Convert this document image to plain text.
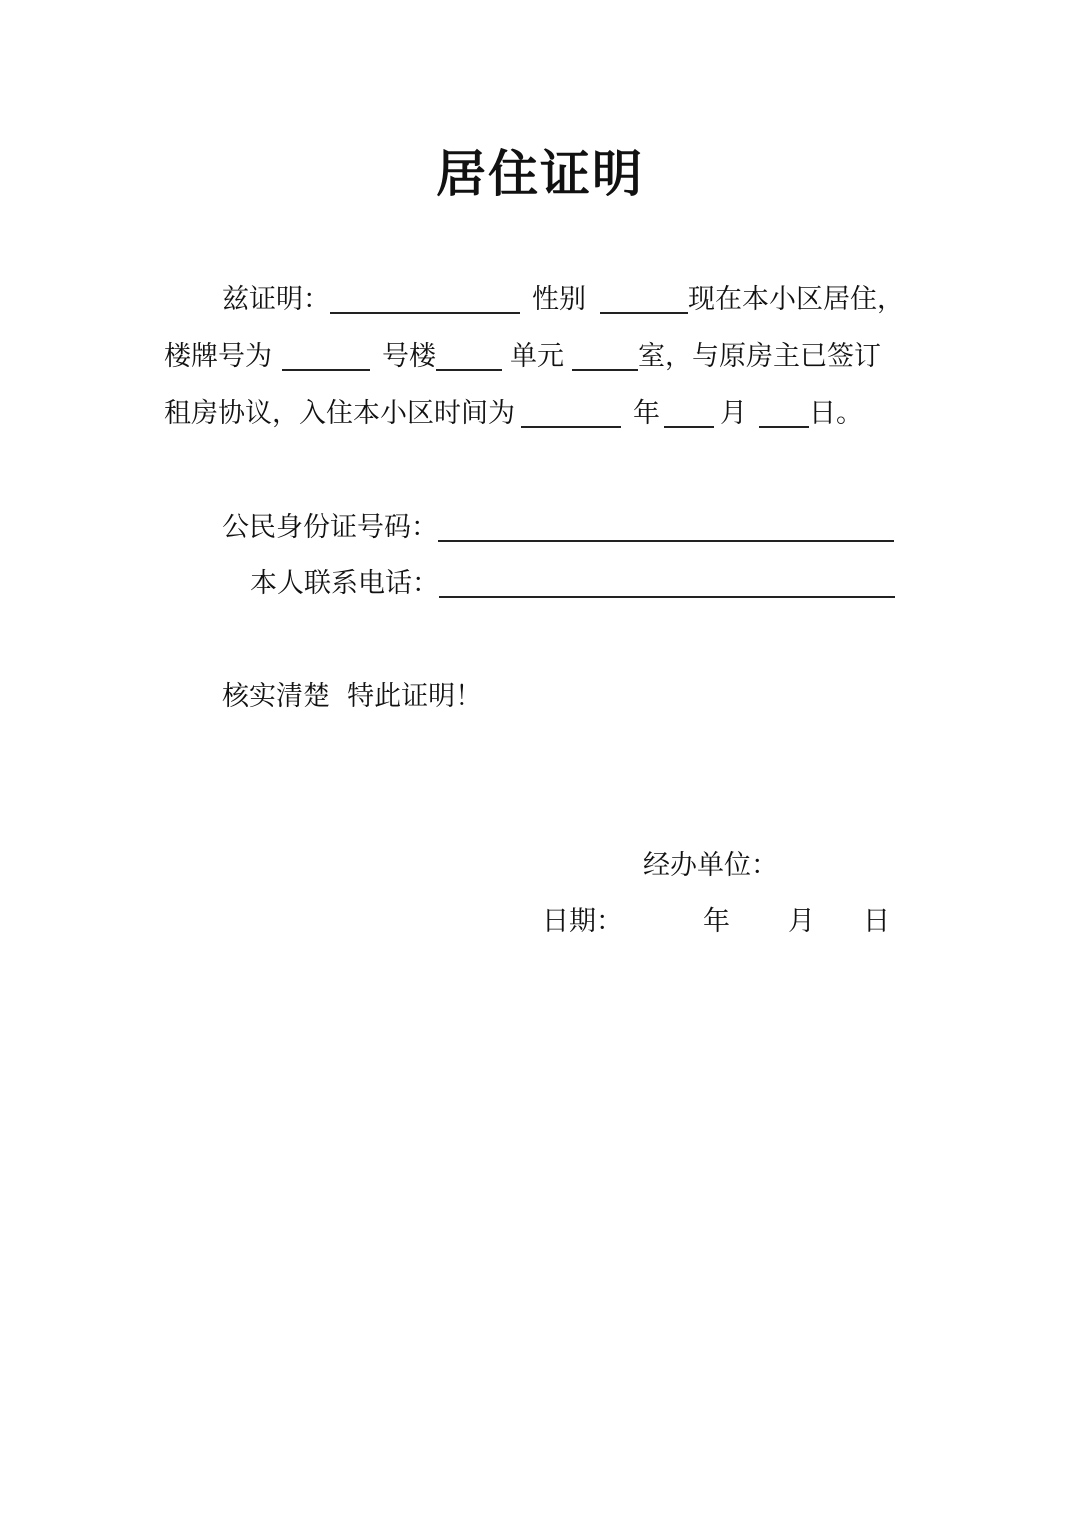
居住证明
兹证明：	性别	现在本小区居住，
楼牌号为	号楼	单元	室，与原房主已签订
租房协议，入住本小区时间为	年 月 日。
公民身份证号码：
本人联系电话：
核实清楚  特此证明！
经办单位：
日期：	年 月 日
